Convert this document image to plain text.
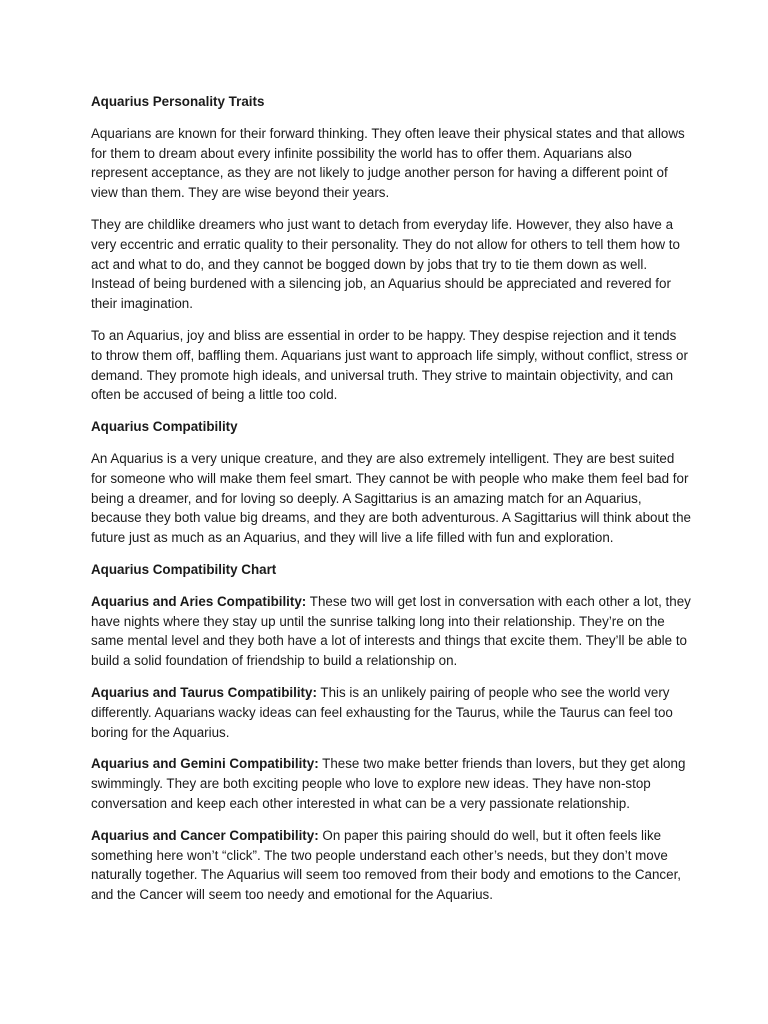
Aquarius Personality Traits

Aquarians are known for their forward thinking. They often leave their physical states and that allows for them to dream about every infinite possibility the world has to offer them. Aquarians also represent acceptance, as they are not likely to judge another person for having a different point of view than them. They are wise beyond their years.

They are childlike dreamers who just want to detach from everyday life. However, they also have a very eccentric and erratic quality to their personality. They do not allow for others to tell them how to act and what to do, and they cannot be bogged down by jobs that try to tie them down as well. Instead of being burdened with a silencing job, an Aquarius should be appreciated and revered for their imagination.

To an Aquarius, joy and bliss are essential in order to be happy. They despise rejection and it tends to throw them off, baffling them. Aquarians just want to approach life simply, without conflict, stress or demand. They promote high ideals, and universal truth. They strive to maintain objectivity, and can often be accused of being a little too cold.

Aquarius Compatibility

An Aquarius is a very unique creature, and they are also extremely intelligent. They are best suited for someone who will make them feel smart. They cannot be with people who make them feel bad for being a dreamer, and for loving so deeply. A Sagittarius is an amazing match for an Aquarius, because they both value big dreams, and they are both adventurous. A Sagittarius will think about the future just as much as an Aquarius, and they will live a life filled with fun and exploration.

Aquarius Compatibility Chart

Aquarius and Aries Compatibility: These two will get lost in conversation with each other a lot, they have nights where they stay up until the sunrise talking long into their relationship. They’re on the same mental level and they both have a lot of interests and things that excite them. They’ll be able to build a solid foundation of friendship to build a relationship on.

Aquarius and Taurus Compatibility: This is an unlikely pairing of people who see the world very differently. Aquarians wacky ideas can feel exhausting for the Taurus, while the Taurus can feel too boring for the Aquarius.

Aquarius and Gemini Compatibility: These two make better friends than lovers, but they get along swimmingly. They are both exciting people who love to explore new ideas. They have non-stop conversation and keep each other interested in what can be a very passionate relationship.

Aquarius and Cancer Compatibility: On paper this pairing should do well, but it often feels like something here won’t “click”. The two people understand each other’s needs, but they don’t move naturally together. The Aquarius will seem too removed from their body and emotions to the Cancer, and the Cancer will seem too needy and emotional for the Aquarius.
